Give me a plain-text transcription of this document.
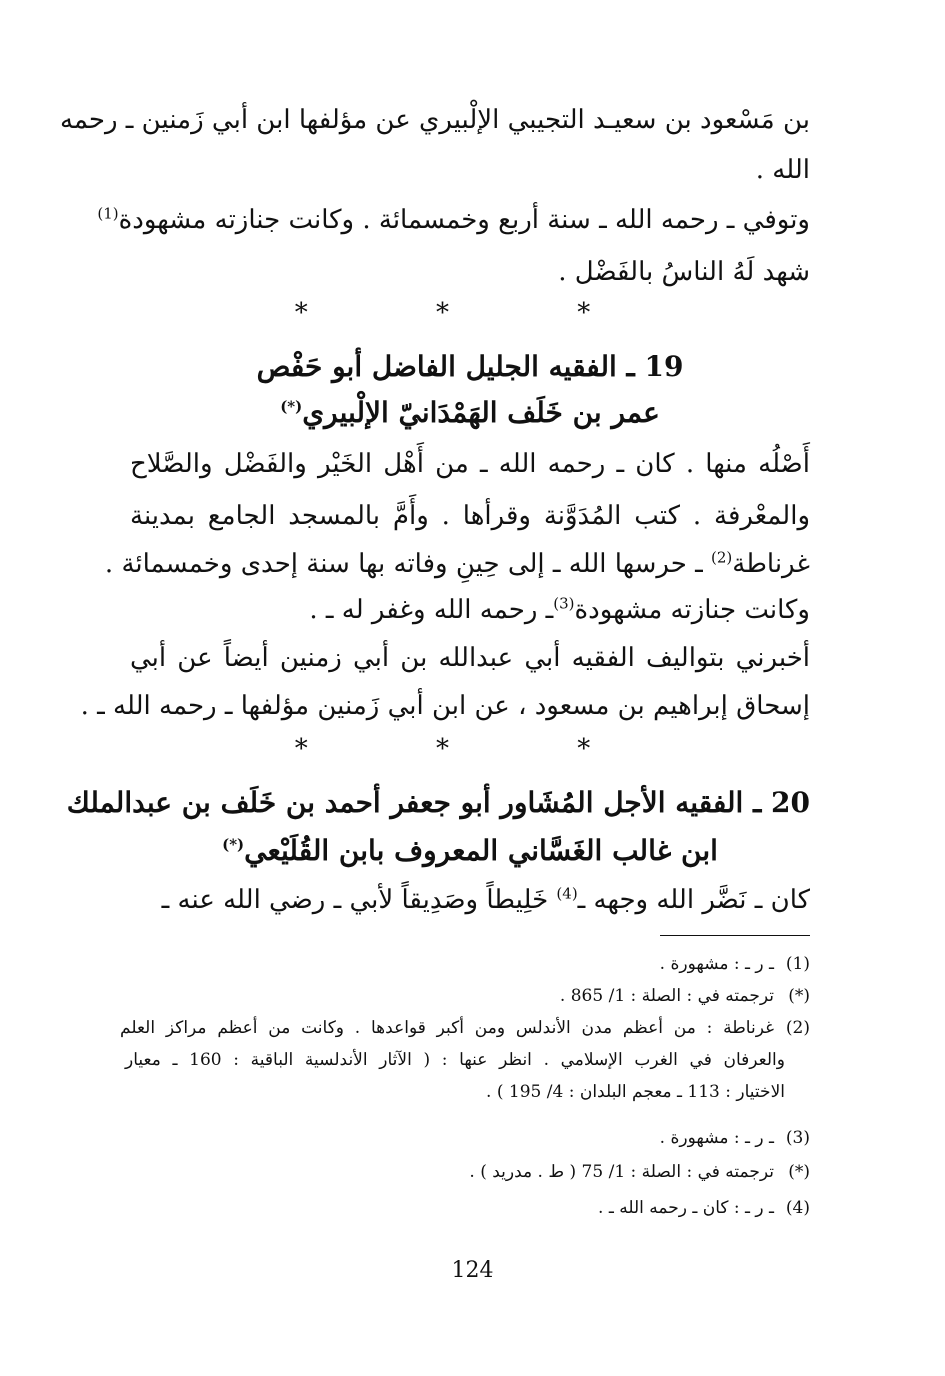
بن مَسْعود بن سعيـد التجيبي الإلْبيري عن مؤلفها ابن أبي زَمنين ـ رحمه
الله .
وتوفي ـ رحمه الله ـ سنة أربع وخمسمائة . وكانت جنازته مشهودة$^{(1)}$
شهد لَهُ الناسُ بالفَضْل .
* * *
19 ـ الفقيه الجليل الفاضل أبو حَفْص
عمر بن خَلَف الهَمْدَانيّ الإلْبيري(*)
أَصْلُه منها . كان ـ رحمه الله ـ من أَهْل الخَيْر والفَضْل والصَّلاح
والمعْرفة . كتب المُدَوَّنة وقرأها . وأَمَّ بالمسجد الجامع بمدينة
غرناطة$^{(2)}$ ـ حرسها الله ـ إلى حِينِ وفاته بها سنة إحدى وخمسمائة .
وكانت جنازته مشهودة$^{(3)}$ـ رحمه الله وغفر له ـ .
أخبرني بتواليف الفقيه أبي عبدالله بن أبي زمنين أيضاً عن أبي
إسحاق إبراهيم بن مسعود ، عن ابن أبي زَمنين مؤلفها ـ رحمه الله ـ .
* * *
20 ـ الفقيه الأجل المُشَاور أبو جعفر أحمد بن خَلَف بن عبدالملك
ابن غالب الغَسَّاني المعروف بابن القُلَيْعي(*)
كان ـ نَضَّر الله وجهه ـ$^{(4)}$ خَلِيطاً وصَدِيقاً لأبي ـ رضي الله عنه ـ
(1)ـ ر ـ : مشهورة .
(*)ترجمته في : الصلة : 1/ 865 .
(2)غرناطة : من أعظم مدن الأندلس ومن أكبر قواعدها . وكانت من أعظم مراكز العلم
والعرفان في الغرب الإسلامي . انظر عنها : ( الآثار الأندلسية الباقية : 160 ـ معيار
الاختيار : 113 ـ معجم البلدان : 4/ 195 ) .
(3)ـ ر ـ : مشهورة .
(*)ترجمته في : الصلة : 1/ 75 ( ط . مدريد ) .
(4)ـ ر ـ : كان ـ رحمه الله ـ .
124
